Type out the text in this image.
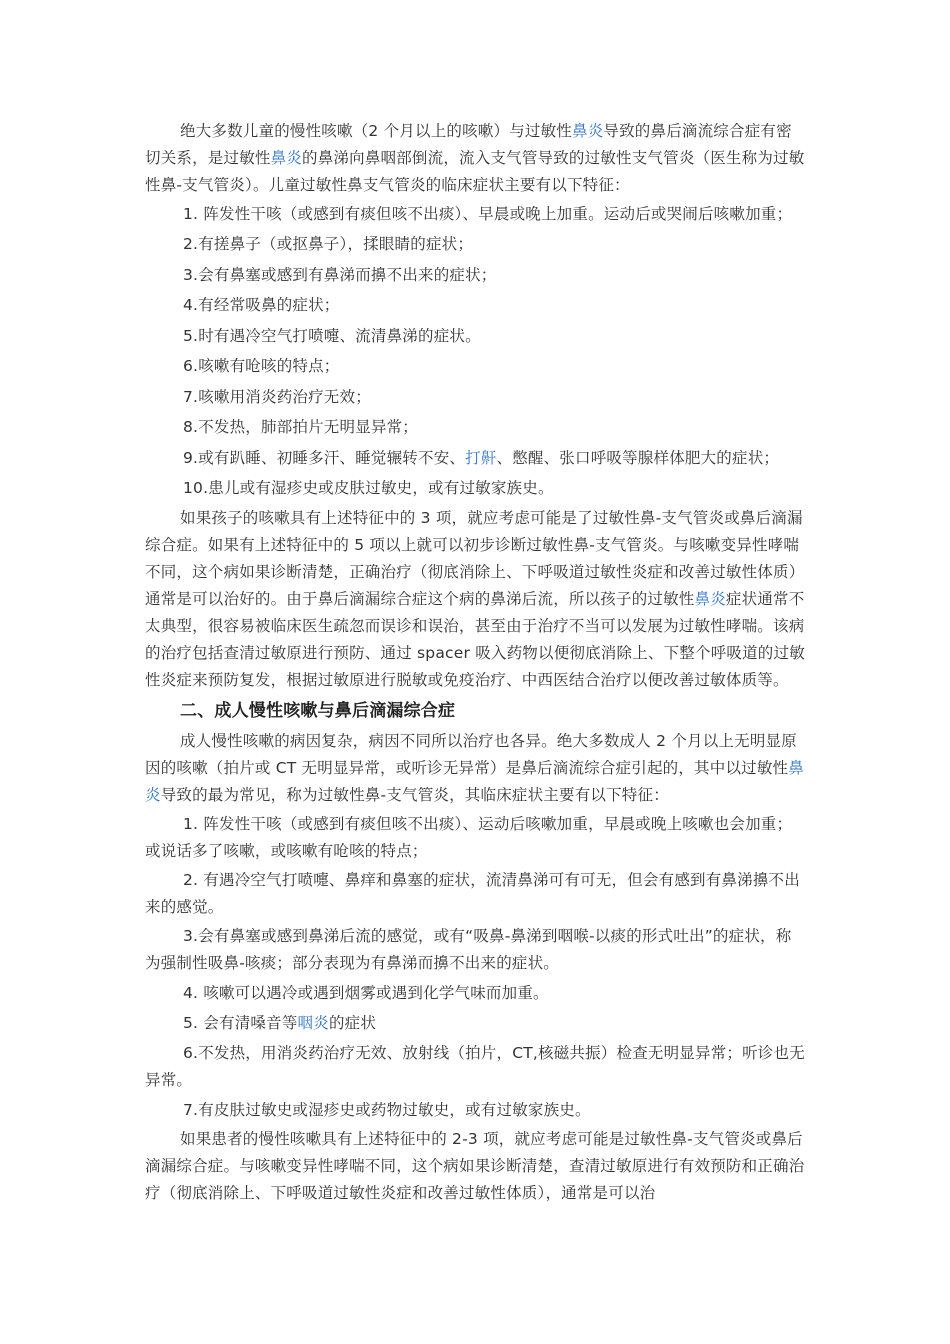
绝大多数儿童的慢性咳嗽（2 个月以上的咳嗽）与过敏性鼻炎导致的鼻后滴流综合症有密切关系，是过敏性鼻炎的鼻涕向鼻咽部倒流，流入支气管导致的过敏性支气管炎（医生称为过敏性鼻-支气管炎）。儿童过敏性鼻支气管炎的临床症状主要有以下特征：

1. 阵发性干咳（或感到有痰但咳不出痰）、早晨或晚上加重。运动后或哭闹后咳嗽加重；

2.有搓鼻子（或抠鼻子），揉眼睛的症状；

3.会有鼻塞或感到有鼻涕而擤不出来的症状；

4.有经常吸鼻的症状；

5.时有遇冷空气打喷嚏、流清鼻涕的症状。

6.咳嗽有呛咳的特点；

7.咳嗽用消炎药治疗无效；

8.不发热，肺部拍片无明显异常；

9.或有趴睡、初睡多汗、睡觉辗转不安、打鼾、憋醒、张口呼吸等腺样体肥大的症状；

10.患儿或有湿疹史或皮肤过敏史，或有过敏家族史。

如果孩子的咳嗽具有上述特征中的 3 项，就应考虑可能是了过敏性鼻-支气管炎或鼻后滴漏综合症。如果有上述特征中的 5 项以上就可以初步诊断过敏性鼻-支气管炎。与咳嗽变异性哮喘不同，这个病如果诊断清楚，正确治疗（彻底消除上、下呼吸道过敏性炎症和改善过敏性体质）通常是可以治好的。由于鼻后滴漏综合症这个病的鼻涕后流，所以孩子的过敏性鼻炎症状通常不太典型，很容易被临床医生疏忽而误诊和误治，甚至由于治疗不当可以发展为过敏性哮喘。该病的治疗包括查清过敏原进行预防、通过 spacer 吸入药物以便彻底消除上、下整个呼吸道的过敏性炎症来预防复发，根据过敏原进行脱敏或免疫治疗、中西医结合治疗以便改善过敏体质等。

二、成人慢性咳嗽与鼻后滴漏综合症

成人慢性咳嗽的病因复杂，病因不同所以治疗也各异。绝大多数成人 2 个月以上无明显原因的咳嗽（拍片或 CT 无明显异常，或听诊无异常）是鼻后滴流综合症引起的，其中以过敏性鼻炎导致的最为常见，称为过敏性鼻-支气管炎，其临床症状主要有以下特征：

1. 阵发性干咳（或感到有痰但咳不出痰）、运动后咳嗽加重，早晨或晚上咳嗽也会加重；或说话多了咳嗽，或咳嗽有呛咳的特点；

2. 有遇冷空气打喷嚏、鼻痒和鼻塞的症状，流清鼻涕可有可无，但会有感到有鼻涕擤不出来的感觉。

3.会有鼻塞或感到鼻涕后流的感觉，或有“吸鼻-鼻涕到咽喉-以痰的形式吐出”的症状，称为强制性吸鼻-咳痰；部分表现为有鼻涕而擤不出来的症状。

4. 咳嗽可以遇冷或遇到烟雾或遇到化学气味而加重。

5. 会有清嗓音等咽炎的症状

6.不发热，用消炎药治疗无效、放射线（拍片，CT,核磁共振）检查无明显异常；听诊也无异常。

7.有皮肤过敏史或湿疹史或药物过敏史，或有过敏家族史。

如果患者的慢性咳嗽具有上述特征中的 2-3 项，就应考虑可能是过敏性鼻-支气管炎或鼻后滴漏综合症。与咳嗽变异性哮喘不同，这个病如果诊断清楚，查清过敏原进行有效预防和正确治疗（彻底消除上、下呼吸道过敏性炎症和改善过敏性体质），通常是可以治
